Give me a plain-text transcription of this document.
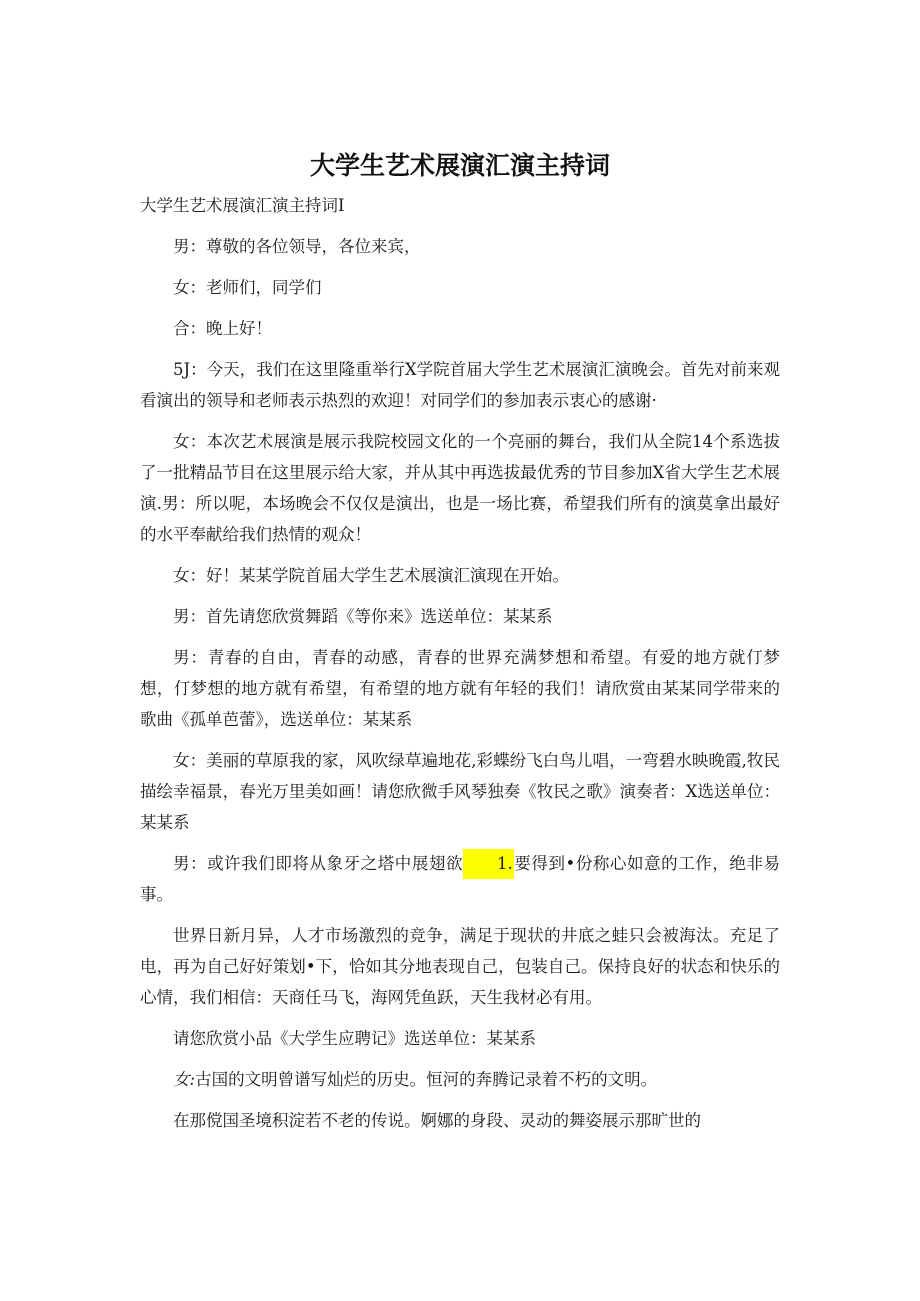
大学生艺术展演汇演主持词

大学生艺术展演汇演主持词I

男：尊敬的各位领导，各位来宾，

女：老师们，同学们

合：晚上好！

5J：今天，我们在这里隆重举行X学院首届大学生艺术展演汇演晚会。首先对前来观看演出的领导和老师表示热烈的欢迎！对同学们的参加表示衷心的感谢·

女：本次艺术展演是展示我院校园文化的一个亮丽的舞台，我们从全院14个系选拔了一批精品节目在这里展示给大家，并从其中再选拔最优秀的节目参加X省大学生艺术展演.男：所以呢，本场晚会不仅仅是演出，也是一场比赛，希望我们所有的演莫拿出最好的水平奉献给我们热情的观众！

女：好！某某学院首届大学生艺术展演汇演现在开始。

男：首先请您欣赏舞蹈《等你来》选送单位：某某系

男：青春的自由，青春的动感，青春的世界充满梦想和希望。有爱的地方就仃梦想，仃梦想的地方就有希望，有希望的地方就有年轻的我们！请欣赏由某某同学带来的歌曲《孤单芭蕾》，选送单位：某某系

女：美丽的草原我的家，风吹绿草遍地花,彩蝶纷飞白鸟儿唱，一弯碧水映晚霞,牧民描绘幸福景，春光万里美如画！请您欣微手风琴独奏《牧民之歌》演奏者：X选送单位：某某系

男：或许我们即将从象牙之塔中展翅欲 1.要得到•份称心如意的工作，绝非易事。

世界日新月异，人才市场激烈的竞争，满足于现状的井底之蛙只会被海汰。充足了电，再为自己好好策划•下，恰如其分地表现自己，包装自己。保持良好的状态和快乐的心情，我们相信：天商任马飞，海网凭鱼跃，天生我材必有用。

请您欣赏小品《大学生应聘记》选送单位：某某系

女:古国的文明曾谱写灿烂的历史。恒河的奔腾记录着不朽的文明。

在那傥国圣境积淀若不老的传说。婀娜的身段、灵动的舞姿展示那旷世的
